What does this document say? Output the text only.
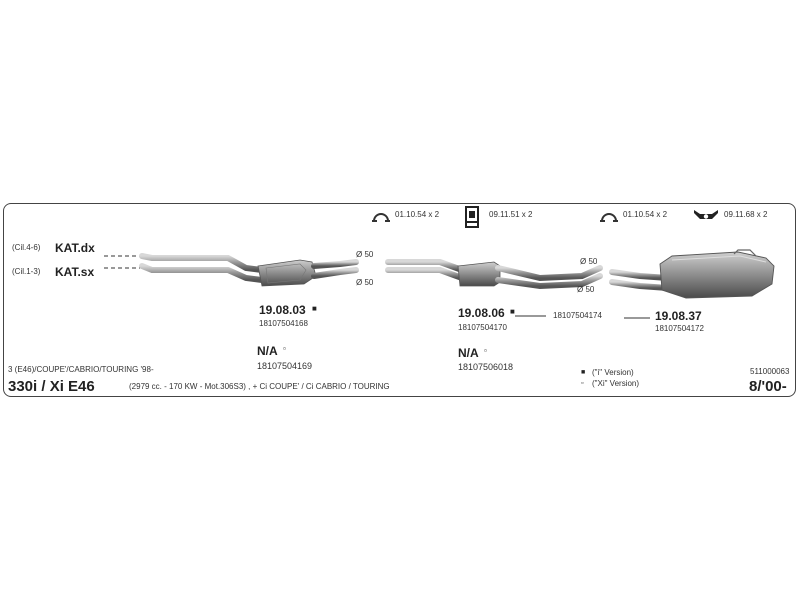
01.10.54 x 2	09.11.51 x 2	01.10.54 x 2	09.11.68 x 2
(Cil.4-6) KAT.dx
(Cil.1-3) KAT.sx
Ø 50
Ø 50
Ø 50
Ø 50
19.08.03 ■
18107504168
N/A ▫
18107504169
19.08.06 ■
18107504170
18107504174
N/A ▫
18107506018
19.08.37
18107504172
■ ("i" Version)
▫ ("Xi" Version)
3 (E46)/COUPE'/CABRIO/TOURING '98-
330i / Xi E46	(2979 cc. - 170 KW - Mot.306S3) , + Ci COUPE' / Ci CABRIO / TOURING
511000063
8/'00-
